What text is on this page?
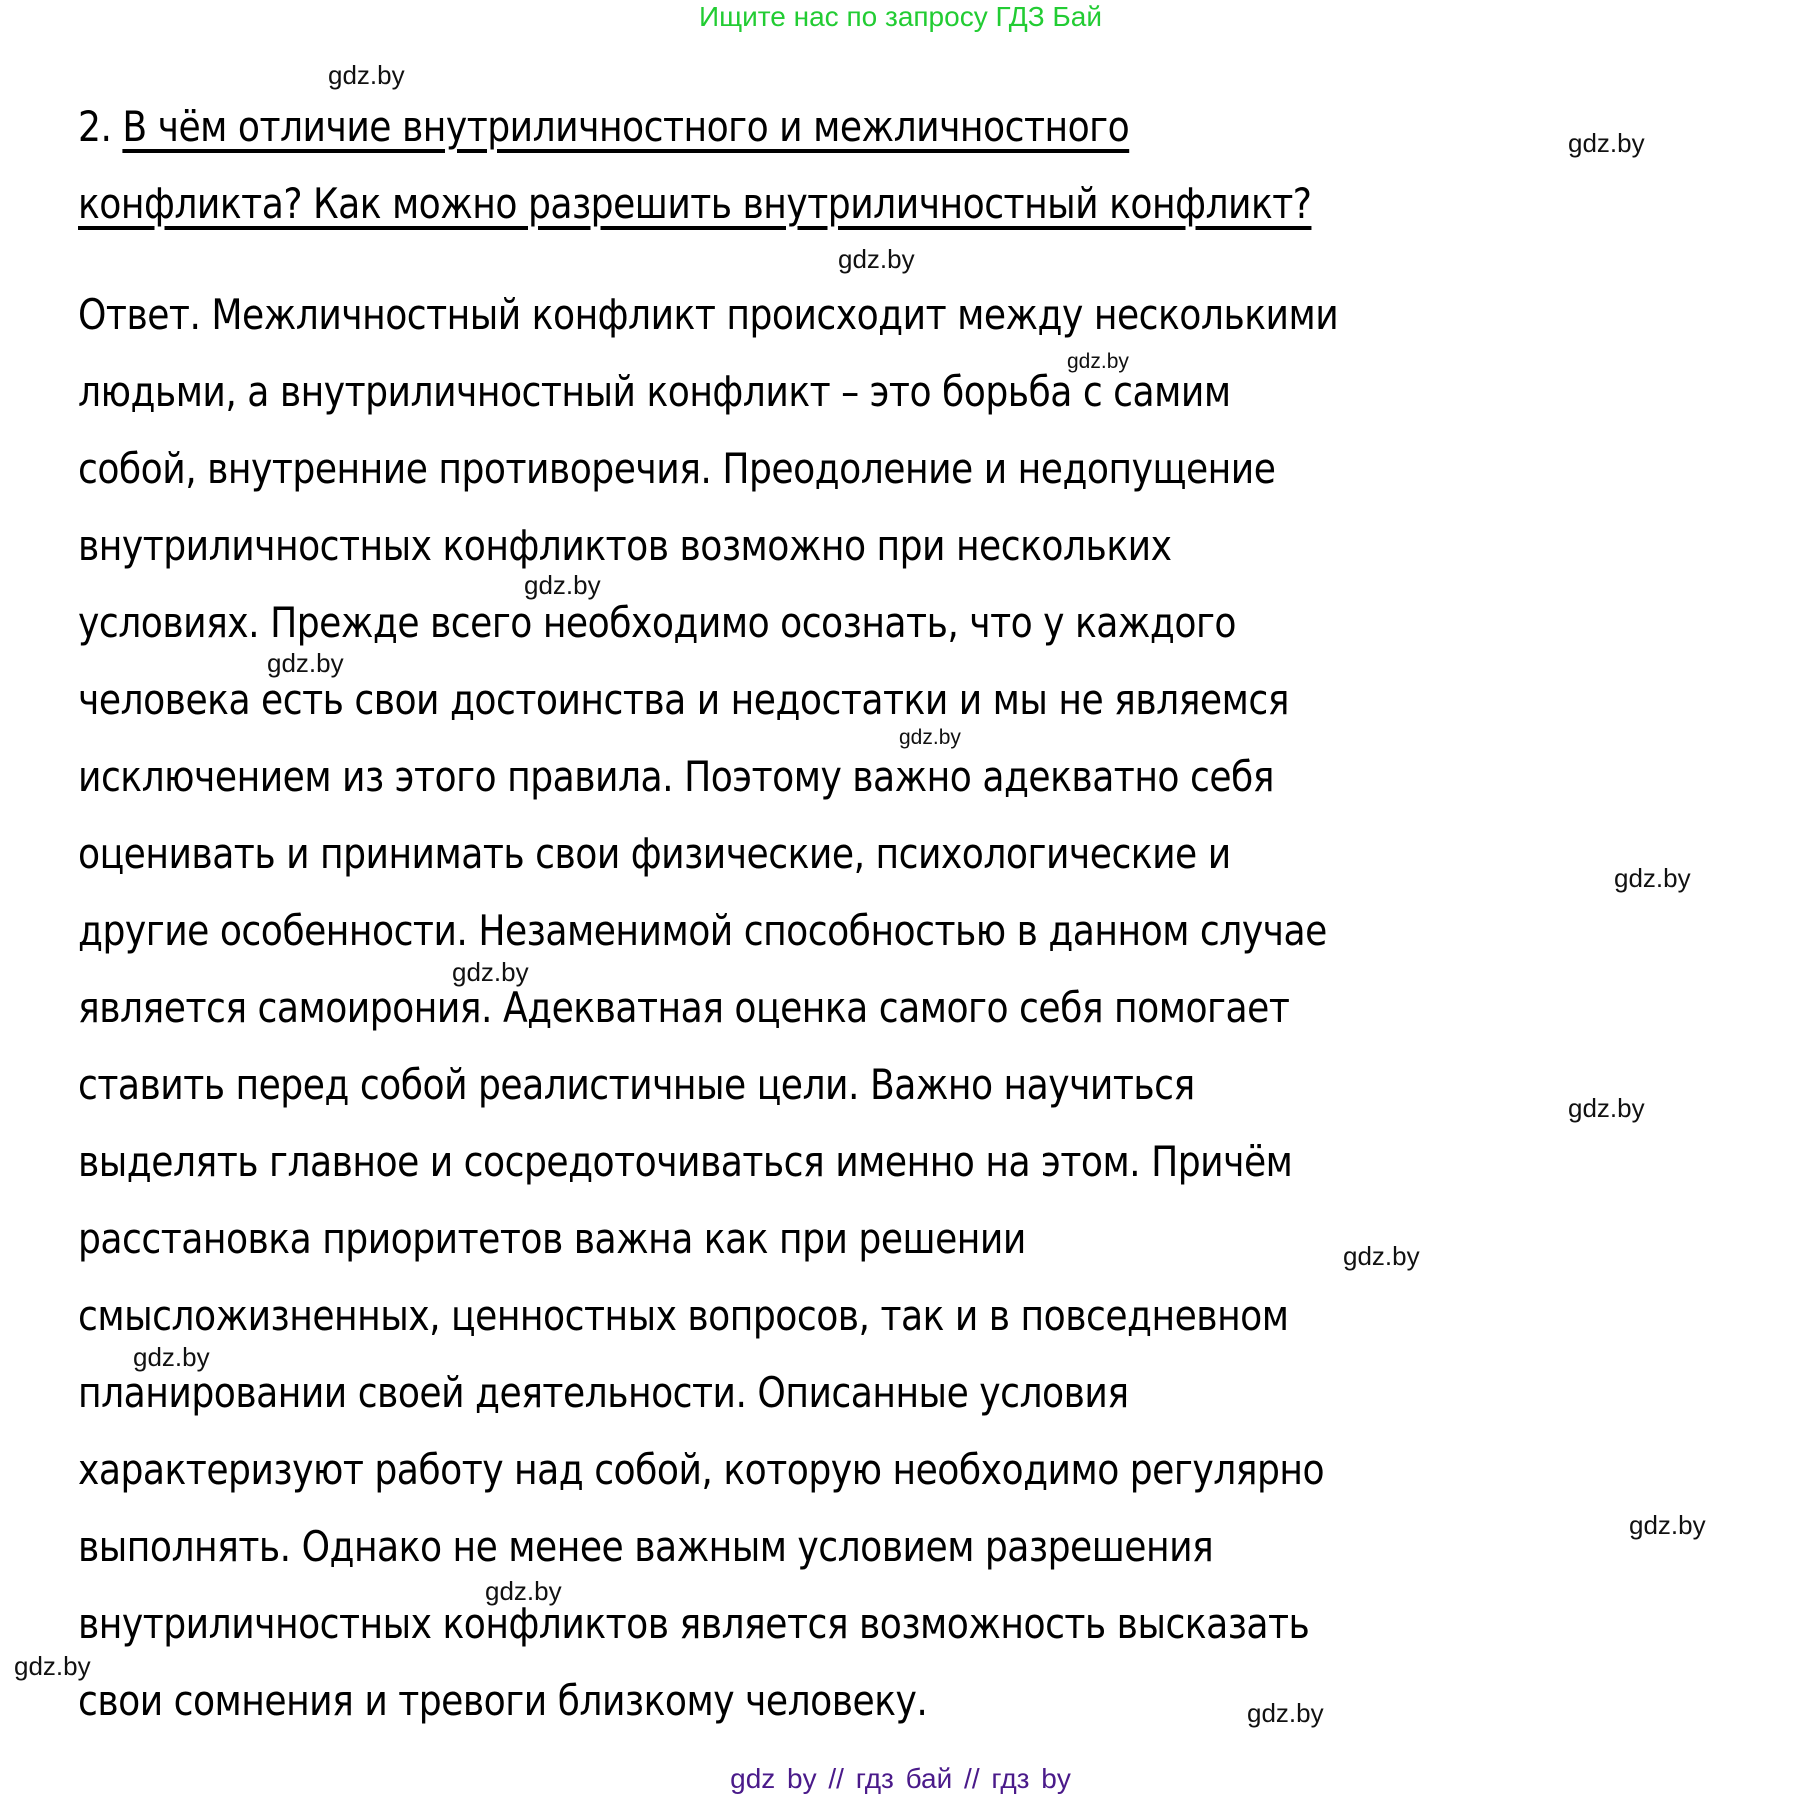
Ищите нас по запросу ГДЗ Бай
2. В чём отличие внутриличностного и межличностного
конфликта? Как можно разрешить внутриличностный конфликт?
Ответ. Межличностный конфликт происходит между несколькими
людьми, а внутриличностный конфликт – это борьба с самим
собой, внутренние противоречия. Преодоление и недопущение
внутриличностных конфликтов возможно при нескольких
условиях. Прежде всего необходимо осознать, что у каждого
человека есть свои достоинства и недостатки и мы не являемся
исключением из этого правила. Поэтому важно адекватно себя
оценивать и принимать свои физические, психологические и
другие особенности. Незаменимой способностью в данном случае
является самоирония. Адекватная оценка самого себя помогает
ставить перед собой реалистичные цели. Важно научиться
выделять главное и сосредоточиваться именно на этом. Причём
расстановка приоритетов важна как при решении
смысложизненных, ценностных вопросов, так и в повседневном
планировании своей деятельности. Описанные условия
характеризуют работу над собой, которую необходимо регулярно
выполнять. Однако не менее важным условием разрешения
внутриличностных конфликтов является возможность высказать
свои сомнения и тревоги близкому человеку.
gdz.by
gdz.by
gdz.by
gdz.by
gdz.by
gdz.by
gdz.by
gdz.by
gdz.by
gdz.by
gdz.by
gdz.by
gdz.by
gdz.by
gdz.by
gdz.by
gdz by // гдз бай // гдз by
